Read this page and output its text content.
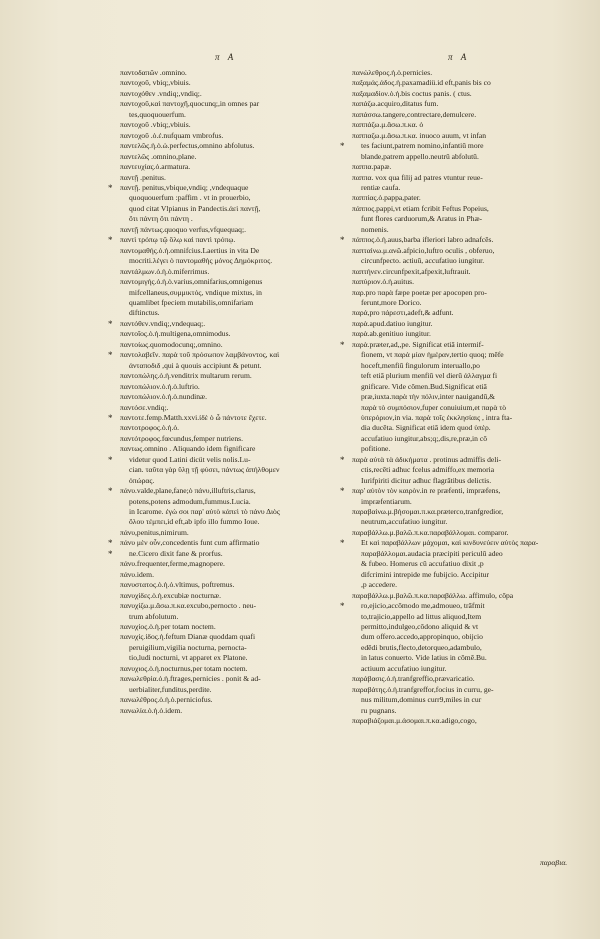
π A	π A
παντοδαπῶν .omnino.
παντοχοῦ, vbiq;,vbiuis.
παντοχόθεν .vndiq;,vndiq;.
παντοχοῦ,καὶ παντοχῆ,quocunq;,in omnes par
tes,quoquouerfum.
παντοχοῦ .vbiq;,vbiuis.
παντοχοῦ .ὁ.ἐ.nufquam vmbrofus.
παντελῶς.ἡ.ὁ.ὡ.perfectus,omnino abfolutus.
παντελῶς .omnino,plane.
παντευχίας.ὁ.armatura.
παντῇ .penitus.
* παντῇ. penitus,vbique,vndiq; ,vndequaque
quoquouerfum :paffim . vt in prouerbio,
quod citat Vlpianus in Pandectis.ἀεὶ παντῇ,
ὅτι πάντη ὅτι πάντη .
παντῇ πάντως.quoquo verfus,vfquequaq;.
* παντὶ τρόπῳ τῷ ὅλῳ καὶ παντὶ τρόπῳ.
παντομαθής.ὁ.ἡ.omnifcius.Laertius in vita De
mocriti.λέγει ὁ παντομαθὴς μόνος Δημόκριτος.
παντάλμων.ὁ.ἡ.ὁ.miferrimus.
παντομιγής.ὁ.ἡ.ὁ.varius,omnifarius,omnigenus
mifcellaneus,συμμικτός, vndique mixtus, in
quamlibet fpeciem mutabilis,omnifariam
diftinctus.
* παντόθεν.vndiq;,vndequaq;.
παντοῖος.ὁ.ἡ.multigena,omnimodus.
παντοίως.quomodocunq;,omnino.
* παντολαβεῖν. παρὰ τοῦ πρόσωπον λαμβάνοντος, καὶ
ἀνταποδιδ ,qui à quouis accipiunt & petunt.
παντοπώλης.ὁ.ἡ.venditrix multarum rerum.
παντοπώλιον.ὁ.ἡ.ὁ.luftrio.
παντοπώλιον.ὁ.ἡ.ὁ.nundinæ.
παντόσε.vndiq;.
* παντοτε.femp.Matth.xxvi.ἰδὲ ὁ ὦ πάντοτε ἔχετε.
παντοτροφος.ὁ.ἡ.ὁ.
παντότροφος.fœcundus,femper nutriens.
παντως.omnino . Aliquando idem fignificare
* videtur quod Latini dicüt velis nolis.Lu-
cian. ταῦτα γὰρ ὕλῃ τῇ φύσει, πάντως ἀπήλθομεν
ὀπώρας.
* πάνυ.valde,plane,fane;ὁ πάνυ,illuftris,clarus,
potens,potens admodum,fummus.Lucia.
in Icarome. ἐγὼ σοι παρ' αὐτὸ κἀπεὶ τὸ πάνυ Διὸς
ὅλου τέμπει,id eft,ab ipfo illo fummo Ioue.
πάνυ,penitus,nimirum.
* πάνυ μὲν οὖν,concedentis funt cum affirmatio
* ne.Cicero dixit fane & prorfus.
πάνυ.frequenter,ferme,magnopere.
πάνυ.idem.
πανυστατος.ὁ.ἡ.ὁ.vltimus, poftremus.
πανυχίδες.ὁ.ἡ.excubiæ nocturnæ.
πανυχίζω.μ.ἄσω.π.κα.excubo,pernocto . neu-
trum abfolutum.
πανυχίος.ὁ.ἡ.per totam noctem.
πανυχίς.ίδος.ἡ.feftum Dianæ quoddam quafi
peruigilium,vigilia nocturna, pernocta-
tio,ludi nocturni, vt apparet ex Platone.
πανυχιος.ὁ.ἡ.nocturnus,per totam noctem.
πανωλεθρία.ὁ.ἡ.ftrages,pernicies . ponit & ad-
uerbialiter,funditus,perdite.
πανωλέθρος.ὁ.ἡ.ὁ.perniciofus.
πανωλία.ὁ.ἡ.ὁ.idem.
πανώλεθρος.ἡ.ὁ.pernicies.
παξαμάς.ἀδος.ἡ.paxamadiü.id eft,panis bis co
παξαμαδίον.ὁ.ἡ.bis coctus panis. ( ctus.
παπάζω.acquiro,ditatus fum.
παπάσσω.tangere,contrectare,demulcere.
παππάζω.μ.ἄσω.π.κα. ὁ
παππαζω.μ.ἄσω.π.κα. inuoco auum, vt infan
* tes faciunt,patrem nomino,infantiū more
blande,patrem appello.neutrū abfolutū.
παππα.papæ.
παππα. vox qua filij ad patres vtuntur reue-
rentiæ caufa.
παππίας.ὁ.pappa,pater.
πάππος.pappi,vt etiam fcribit Feftus Popeius,
funt flores carduorum,& Aratus in Phæ-
nomenis.
* πάππος.ὁ.ἡ.auus,barba ifleriori labro adnafcēs.
παπταίνω.μ.ανῶ.afpicio,luftro oculis , obferuo,
circunfpecto. actiuū, accufatiuo iungitur.
παπτήνεν.circunfpexit,afpexit,luftrauit.
παπύριον.ὁ.ἡ.auitus.
παρ.pro παρὰ fæpe poetæ per apocopen pro-
ferunt,more Dorico.
παρά,pro πάρεστι,adeft,& adfunt.
παρὰ.apud.datiuo iungitur.
παρὰ.ab.genitiuo iungitur.
* παρὰ.præter,ad,,pe. Significat etiā intermif-
fionem, vt παρὰ μίαν ἡμέραν,tertio quoq; mēfe
hoceft,menfiū fingulorum interuallo,po
teft etiā plurium menfiū vel dierū ἀλλαγμα fi
gnificare. Vide cōmen.Bud.Significat etiā
præ,iuxta.παρὰ τὴν πόλιν,inter nauigandū,&
παρὰ τὸ συμπόσιον,fuper conuiuium,et παρὰ τὸ
ὑπερόριον,in via. παρὰ τοῖς ἐκκλησίαις , intra fta-
dia ducēta. Significat etiā idem quod ὑπὲρ.
accufatiuo iungitur,abs;q;,dis,re,præ,in cō
pofitione.
* παρὰ αὐτὰ τὰ ἀδικήματα . protinus admiffis deli-
ctis,recēti adhuc fcelus admiffo,ex memoria
Iurifpiriti dicitur adhuc flagrātibus delictis.
* παρ' αὐτὸν τὸν καιρὸν.in re præfenti, impræfens,
impræfentiarum.
παραβαίνω.μ.βήσομαι.π.κα.præterco,tranfgredior,
neutrum,accufatiuo iungitur.
παραβάλλω.μ.βαλῶ.π.κα.παραβάλλομαι. comparor.
* Et καὶ παραβάλλων μάχομαι, καὶ κινδυνεύειν αὐτὸς παρα-
παραβάλλομαι.audacia præcipiti periculū adeo
& fubeo. Homerus cū accufatiuo dixit ,p
difcrimini intrepide me fubijcio. Accipitur
,p accedere.
παραβάλλω.μ.βαλῶ.π.κα.παραβάλλω. affimulo, cōpa
* ro,ejicio,accōmodo me,admoueo, trāfmit
to,trajicio,appello ad littus aliquod,Item
permitto,indulgeo,cōdono aliquid & vt
dum offero.accedo,appropinquo, obijcio
edēdi brutis,flecto,detorqueo,adambulo,
in latus conuerto. Vide latius in cōmē.Bu.
actiuum accufatiuo iungitur.
παράβασις.ὁ.ἡ.tranfgreffio,prævaricatio.
παραβάτης.ὁ.ἡ.tranfgreffor,focius in curru, ge-
nus militum,dominus curr9,miles in cur
ru pugnans.
παραβιάζομαι.μ.ἀσομαι.π.κα.adigo,cogo,
παραβια.
